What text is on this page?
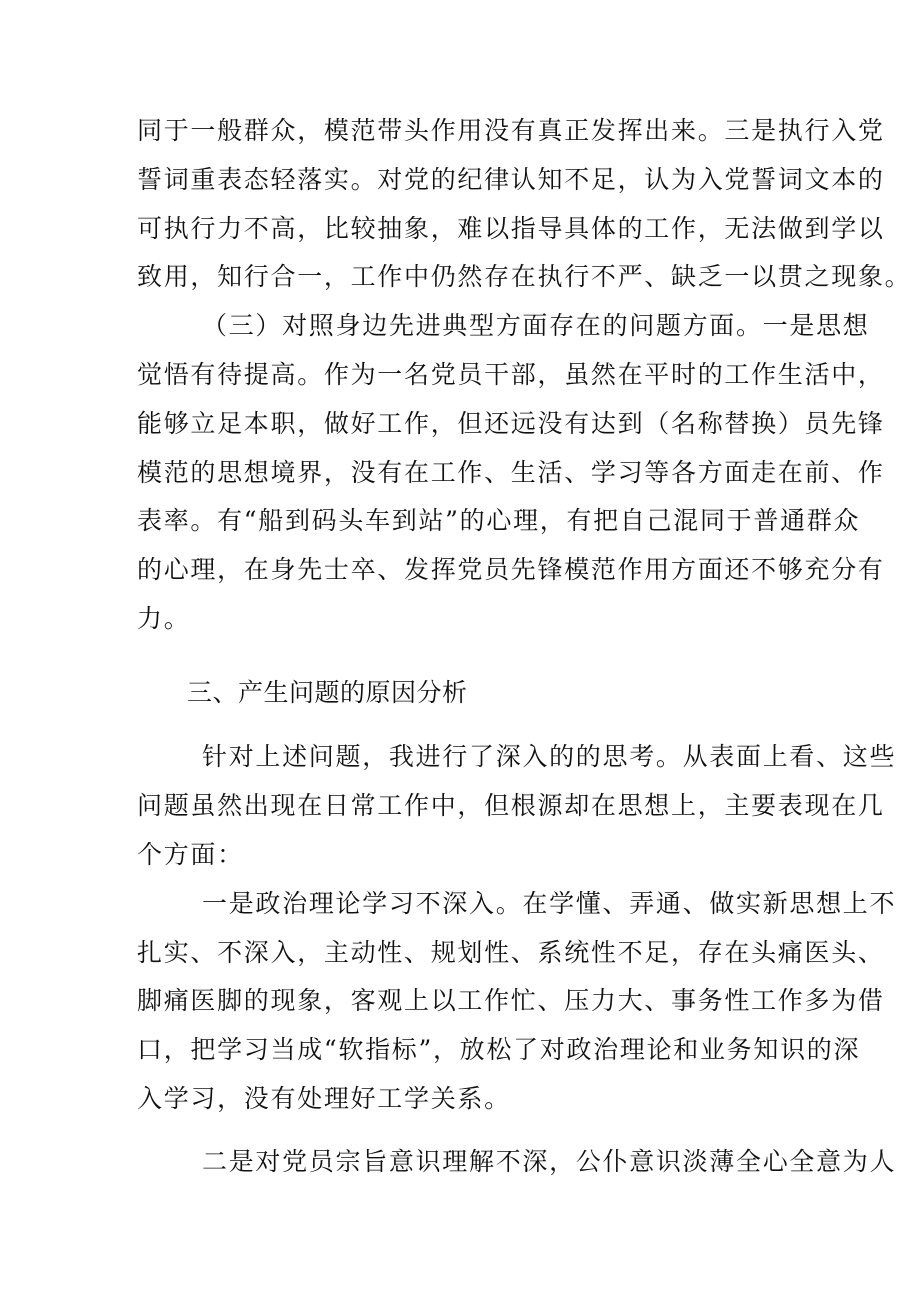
同于一般群众，模范带头作用没有真正发挥出来。三是执行入党
誓词重表态轻落实。对党的纪律认知不足，认为入党誓词文本的
可执行力不高，比较抽象，难以指导具体的工作，无法做到学以
致用，知行合一，工作中仍然存在执行不严、缺乏一以贯之现象。
（三）对照身边先进典型方面存在的问题方面。一是思想
觉悟有待提高。作为一名党员干部，虽然在平时的工作生活中，
能够立足本职，做好工作，但还远没有达到（名称替换）员先锋
模范的思想境界，没有在工作、生活、学习等各方面走在前、作
表率。有“船到码头车到站”的心理，有把自己混同于普通群众
的心理，在身先士卒、发挥党员先锋模范作用方面还不够充分有
力。
三、产生问题的原因分析
针对上述问题，我进行了深入的的思考。从表面上看、这些
问题虽然出现在日常工作中，但根源却在思想上，主要表现在几
个方面：
一是政治理论学习不深入。在学懂、弄通、做实新思想上不
扎实、不深入，主动性、规划性、系统性不足，存在头痛医头、
脚痛医脚的现象，客观上以工作忙、压力大、事务性工作多为借
口，把学习当成“软指标”，放松了对政治理论和业务知识的深
入学习，没有处理好工学关系。
二是对党员宗旨意识理解不深，公仆意识淡薄全心全意为人
